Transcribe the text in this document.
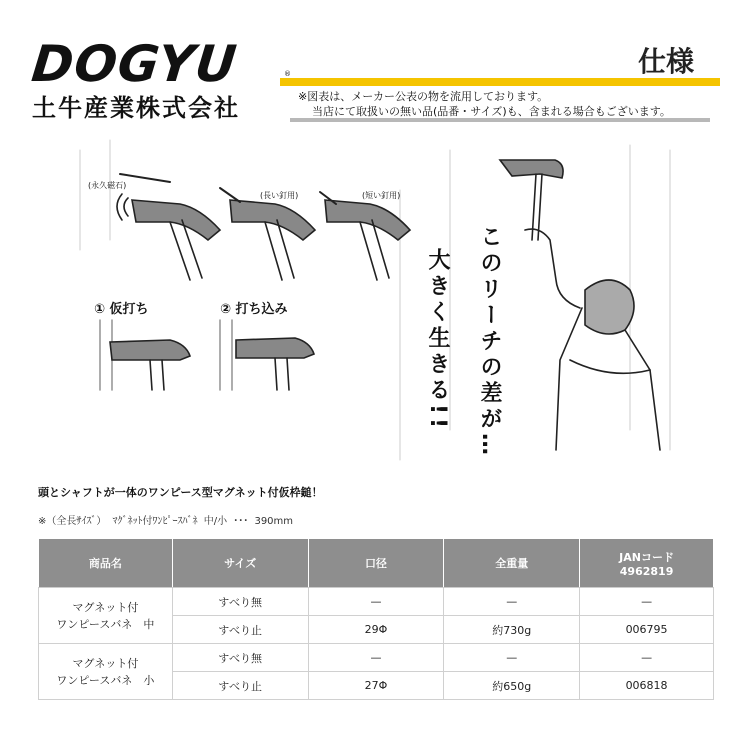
DOGYU	®	仕様
土牛産業株式会社	※図表は、メーカー公表の物を流用しております。
当店にて取扱いの無い品(品番・サイズ)も、含まれる場合もございます。
(永久磁石)
(長い釘用)	(短い釘用)
① 仮打ち	② 打ち込み	大きく生きる!! このリーチの差が…
頭とシャフトが一体のワンピース型マグネット付仮枠鎚！
※（全長ｻｲｽﾞ） ﾏｸﾞﾈｯﾄ付ﾜﾝﾋﾟｰｽﾊﾞﾈ 中/小 ･･･ 390mm
商品名	サイズ	口径	全重量	JANコード
4962819

マグネット付
ワンピースバネ　中	すべり無	—	—	—
	すべり止	29Φ	約730g	006795

マグネット付
ワンピースバネ　小	すべり無	—	—	—
	すべり止	27Φ	約650g	006818
